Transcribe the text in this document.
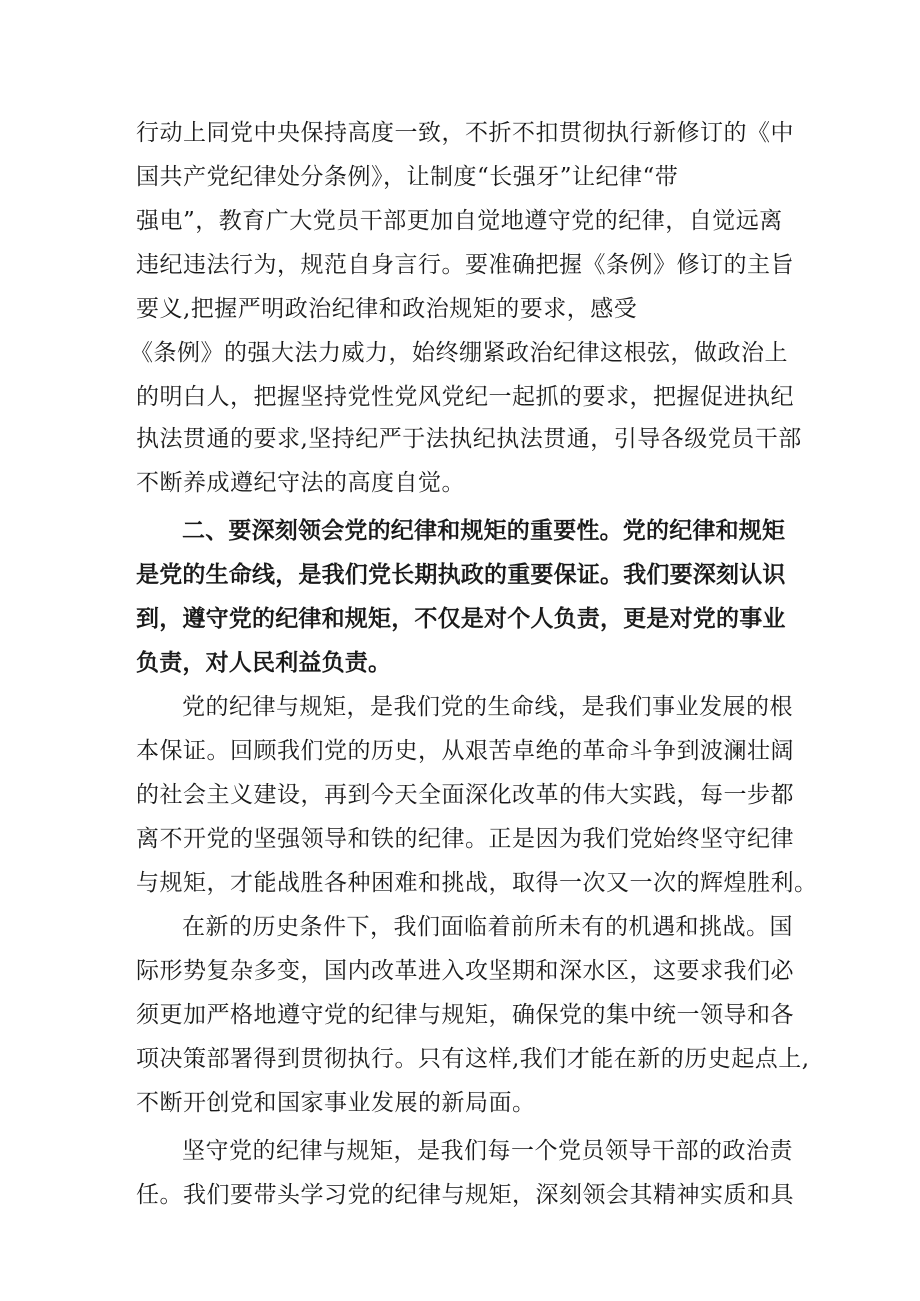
行动上同党中央保持高度一致，不折不扣贯彻执行新修订的《中
国共产党纪律处分条例》，让制度“长强牙”让纪律“带
强电”，教育广大党员干部更加自觉地遵守党的纪律，自觉远离
违纪违法行为，规范自身言行。要准确把握《条例》修订的主旨
要义,把握严明政治纪律和政治规矩的要求，感受
《条例》的强大法力威力，始终绷紧政治纪律这根弦，做政治上
的明白人，把握坚持党性党风党纪一起抓的要求，把握促进执纪
执法贯通的要求,坚持纪严于法执纪执法贯通，引导各级党员干部
不断养成遵纪守法的高度自觉。
二、要深刻领会党的纪律和规矩的重要性。党的纪律和规矩
是党的生命线，是我们党长期执政的重要保证。我们要深刻认识
到，遵守党的纪律和规矩，不仅是对个人负责，更是对党的事业
负责，对人民利益负责。
党的纪律与规矩，是我们党的生命线，是我们事业发展的根
本保证。回顾我们党的历史，从艰苦卓绝的革命斗争到波澜壮阔
的社会主义建设，再到今天全面深化改革的伟大实践，每一步都
离不开党的坚强领导和铁的纪律。正是因为我们党始终坚守纪律
与规矩，才能战胜各种困难和挑战，取得一次又一次的辉煌胜利。
在新的历史条件下，我们面临着前所未有的机遇和挑战。国
际形势复杂多变，国内改革进入攻坚期和深水区，这要求我们必
须更加严格地遵守党的纪律与规矩，确保党的集中统一领导和各
项决策部署得到贯彻执行。只有这样,我们才能在新的历史起点上,
不断开创党和国家事业发展的新局面。
坚守党的纪律与规矩，是我们每一个党员领导干部的政治责
任。我们要带头学习党的纪律与规矩，深刻领会其精神实质和具
